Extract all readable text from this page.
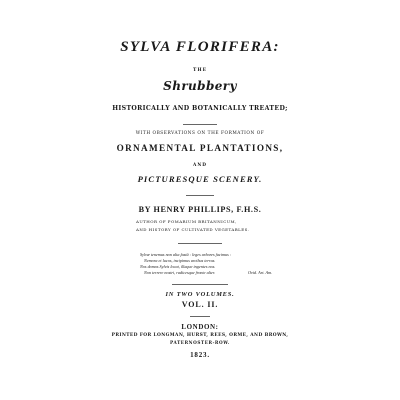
SYLVA FLORIFERA:
THE
Shrubbery
HISTORICALLY AND BOTANICALLY TREATED;
WITH OBSERVATIONS ON THE FORMATION OF
ORNAMENTAL PLANTATIONS,
AND
PICTURESQUE SCENERY.
BY HENRY PHILLIPS, F.H.S.
AUTHOR OF POMARIUM BRITANNICUM,
AND HISTORY OF CULTIVATED VEGETABLES.
Sylvæ tenemus non alta fastû : leges arbores facimus :
Nemora et lucos, incipimus arcibus terras.
Nos domos Sylvis locat, illaque ingentes nos.
Non terrere nostri, radicesque fronte alter.	Ovid. Art. Am.
IN TWO VOLUMES.
VOL. II.
LONDON:
PRINTED FOR LONGMAN, HURST, REES, ORME, AND BROWN,
PATERNOSTER-ROW.
1823.
